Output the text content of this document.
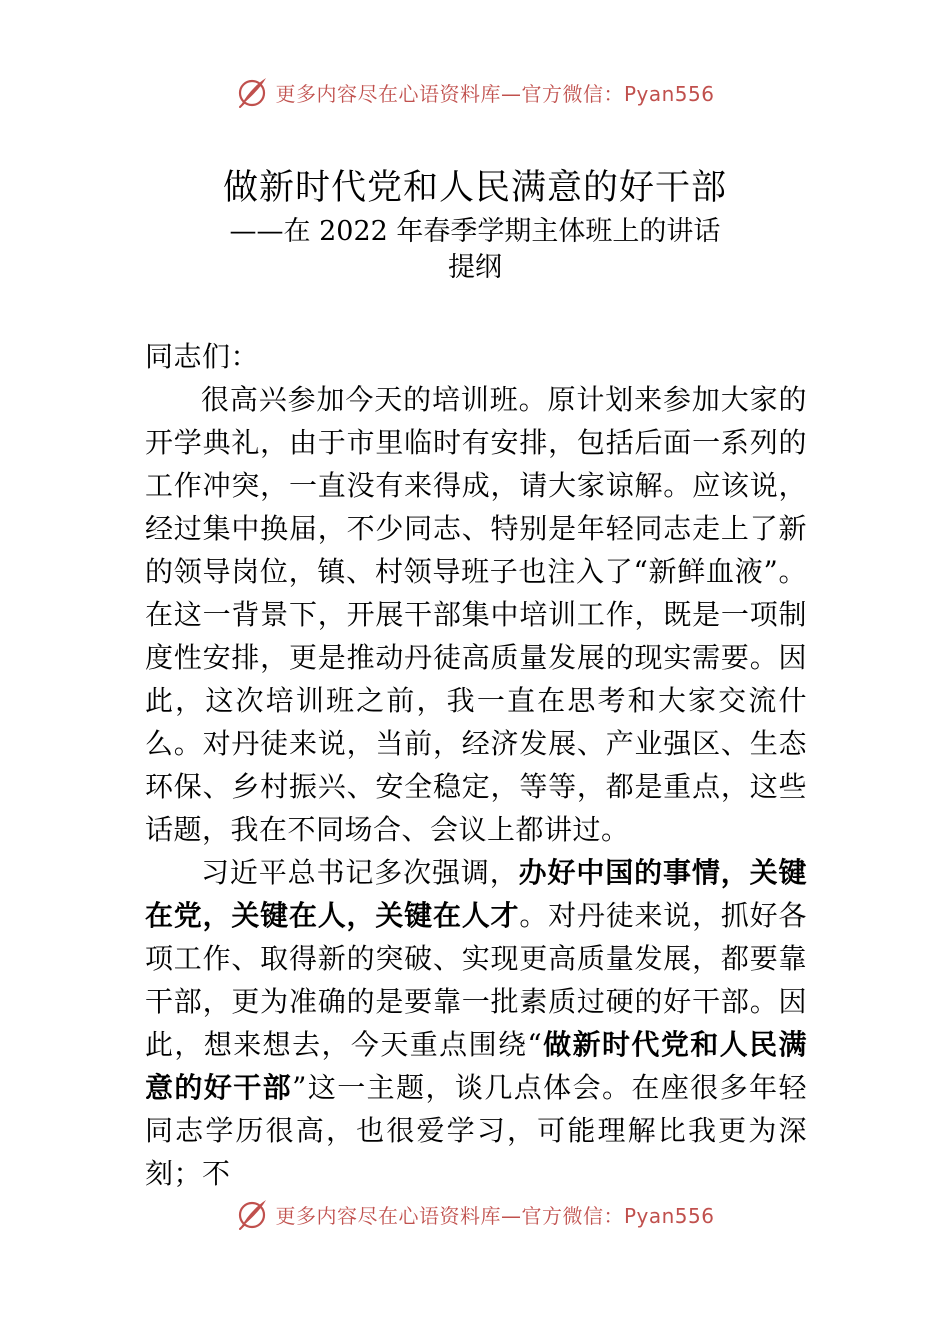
更多内容尽在心语资料库—官方微信：Pyan556
做新时代党和人民满意的好干部
——在 2022 年春季学期主体班上的讲话提纲

同志们：

很高兴参加今天的培训班。原计划来参加大家的开学典礼，由于市里临时有安排，包括后面一系列的工作冲突，一直没有来得成，请大家谅解。应该说，经过集中换届，不少同志、特别是年轻同志走上了新的领导岗位，镇、村领导班子也注入了“新鲜血液”。在这一背景下，开展干部集中培训工作，既是一项制度性安排，更是推动丹徒高质量发展的现实需要。因此，这次培训班之前，我一直在思考和大家交流什么。对丹徒来说，当前，经济发展、产业强区、生态环保、乡村振兴、安全稳定，等等，都是重点，这些话题，我在不同场合、会议上都讲过。

习近平总书记多次强调，办好中国的事情，关键在党，关键在人，关键在人才。对丹徒来说，抓好各项工作、取得新的突破、实现更高质量发展，都要靠干部，更为准确的是要靠一批素质过硬的好干部。因此，想来想去，今天重点围绕“做新时代党和人民满意的好干部”这一主题，谈几点体会。在座很多年轻同志学历很高，也很爱学习，可能理解比我更为深刻；不

更多内容尽在心语资料库—官方微信：Pyan556
